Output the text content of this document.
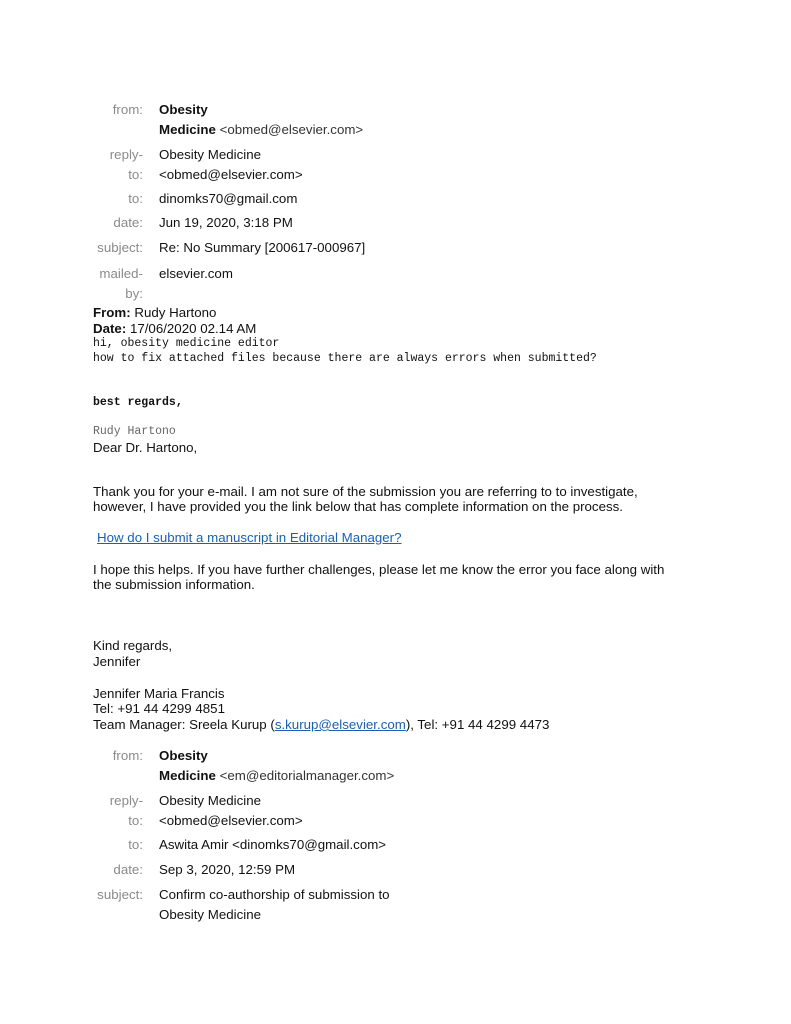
from: Obesity
Medicine <obmed@elsevier.com>
reply-
to:
Obesity Medicine
<obmed@elsevier.com>
to: dinomks70@gmail.com
date: Jun 19, 2020, 3:18 PM
subject: Re: No Summary [200617-000967]
mailed-
by:
elsevier.com
From: Rudy Hartono
Date: 17/06/2020 02.14 AM
hi, obesity medicine editor
how to fix attached files because there are always errors when submitted?
best regards,
Rudy Hartono
Dear Dr. Hartono,
Thank you for your e-mail. I am not sure of the submission you are referring to to investigate,
however, I have provided you the link below that has complete information on the process.
How do I submit a manuscript in Editorial Manager?
I hope this helps. If you have further challenges, please let me know the error you face along with
the submission information.
Kind regards,
Jennifer
Jennifer Maria Francis
Tel: +91 44 4299 4851
Team Manager: Sreela Kurup (s.kurup@elsevier.com), Tel: +91 44 4299 4473
from: Obesity
Medicine <em@editorialmanager.com>
reply-
to:
Obesity Medicine
<obmed@elsevier.com>
to: Aswita Amir <dinomks70@gmail.com>
date: Sep 3, 2020, 12:59 PM
subject: Confirm co-authorship of submission to
Obesity Medicine
